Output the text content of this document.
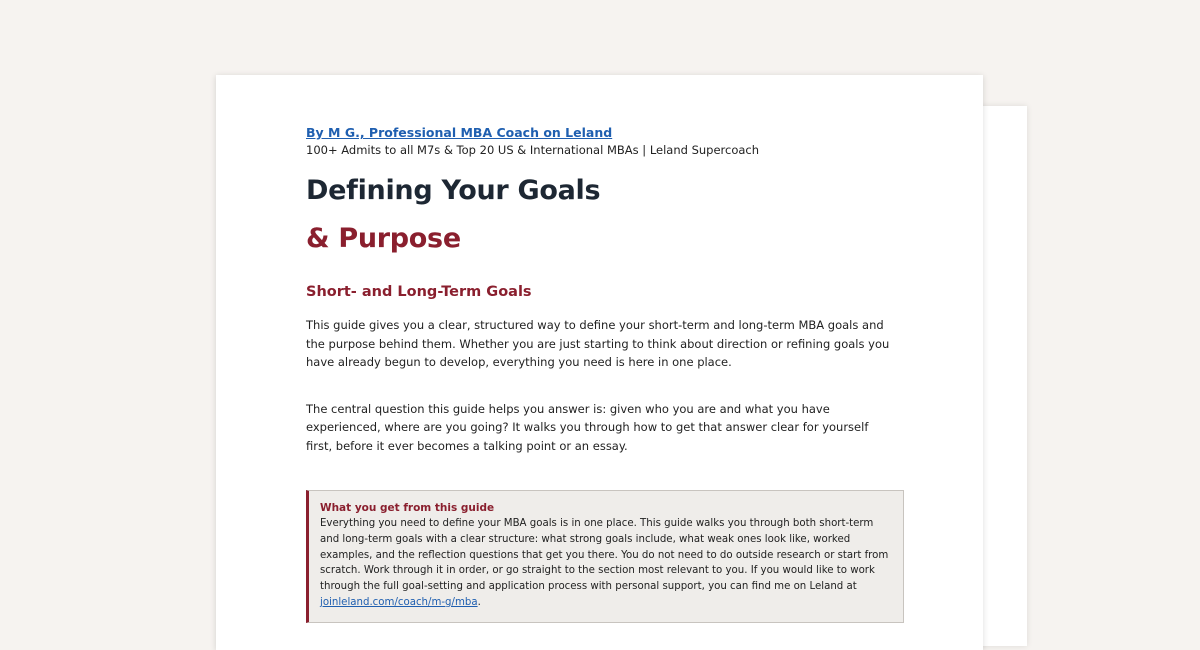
By M G., Professional MBA Coach on Leland
100+ Admits to all M7s & Top 20 US & International MBAs | Leland Supercoach
Defining Your Goals
& Purpose
Short- and Long-Term Goals
This guide gives you a clear, structured way to define your short-term and long-term MBA goals and the purpose behind them. Whether you are just starting to think about direction or refining goals you have already begun to develop, everything you need is here in one place.
The central question this guide helps you answer is: given who you are and what you have experienced, where are you going? It walks you through how to get that answer clear for yourself first, before it ever becomes a talking point or an essay.
What you get from this guide
Everything you need to define your MBA goals is in one place. This guide walks you through both short-term and long-term goals with a clear structure: what strong goals include, what weak ones look like, worked examples, and the reflection questions that get you there. You do not need to do outside research or start from scratch. Work through it in order, or go straight to the section most relevant to you. If you would like to work through the full goal-setting and application process with personal support, you can find me on Leland at joinleland.com/coach/m-g/mba.
